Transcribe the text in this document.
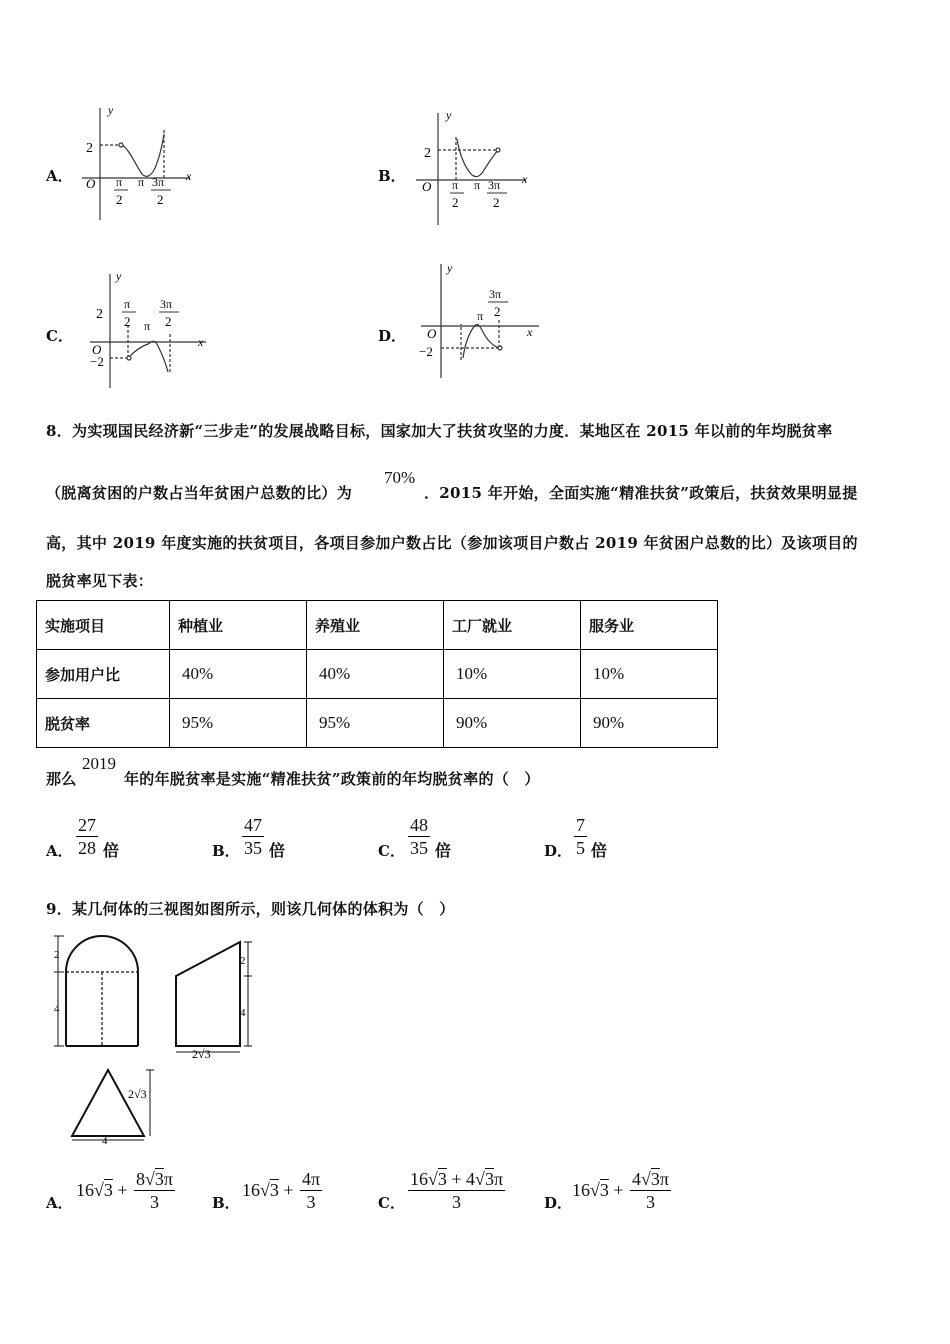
A．
y
x
2
O π
2
π 3π
2
B．
y
x
2
O π
2
π 3π
2
C．
y
x
2
O
−2
π
2 π
3π
2
D．
y
x
O
−2
π
3π
2
8．为实现国民经济新“三步走”的发展战略目标，国家加大了扶贫攻坚的力度．某地区在 2015 年以前的年均脱贫率
（脱离贫困的户数占当年贫困户总数的比）为
70%
．2015 年开始，全面实施“精准扶贫”政策后，扶贫效果明显提
高，其中 2019 年度实施的扶贫项目，各项目参加户数占比（参加该项目户数占 2019 年贫困户总数的比）及该项目的
脱贫率见下表：
实施项目	种植业	养殖业	工厂就业	服务业
参加用户比	40%	40%	10%	10%
脱贫率	95%	95%	90%	90%
那么
2019
年的年脱贫率是实施“精准扶贫”政策前的年均脱贫率的（　）
A． $\frac{27}{28}$ 倍	B． $\frac{47}{35}$ 倍	C． $\frac{48}{35}$ 倍	D． $\frac{7}{5}$ 倍
9．某几何体的三视图如图所示，则该几何体的体积为（　）
2
4
2
4
2√3
2√3
4
A．
$16√3 + \frac{8√3\pi}{3}$ B．
$16√3 + \frac{4\pi}{3}$	C． $\frac{16√3 + 4√3\pi}{3}$	D．
$16√3 + \frac{4√3\pi}{3}$
